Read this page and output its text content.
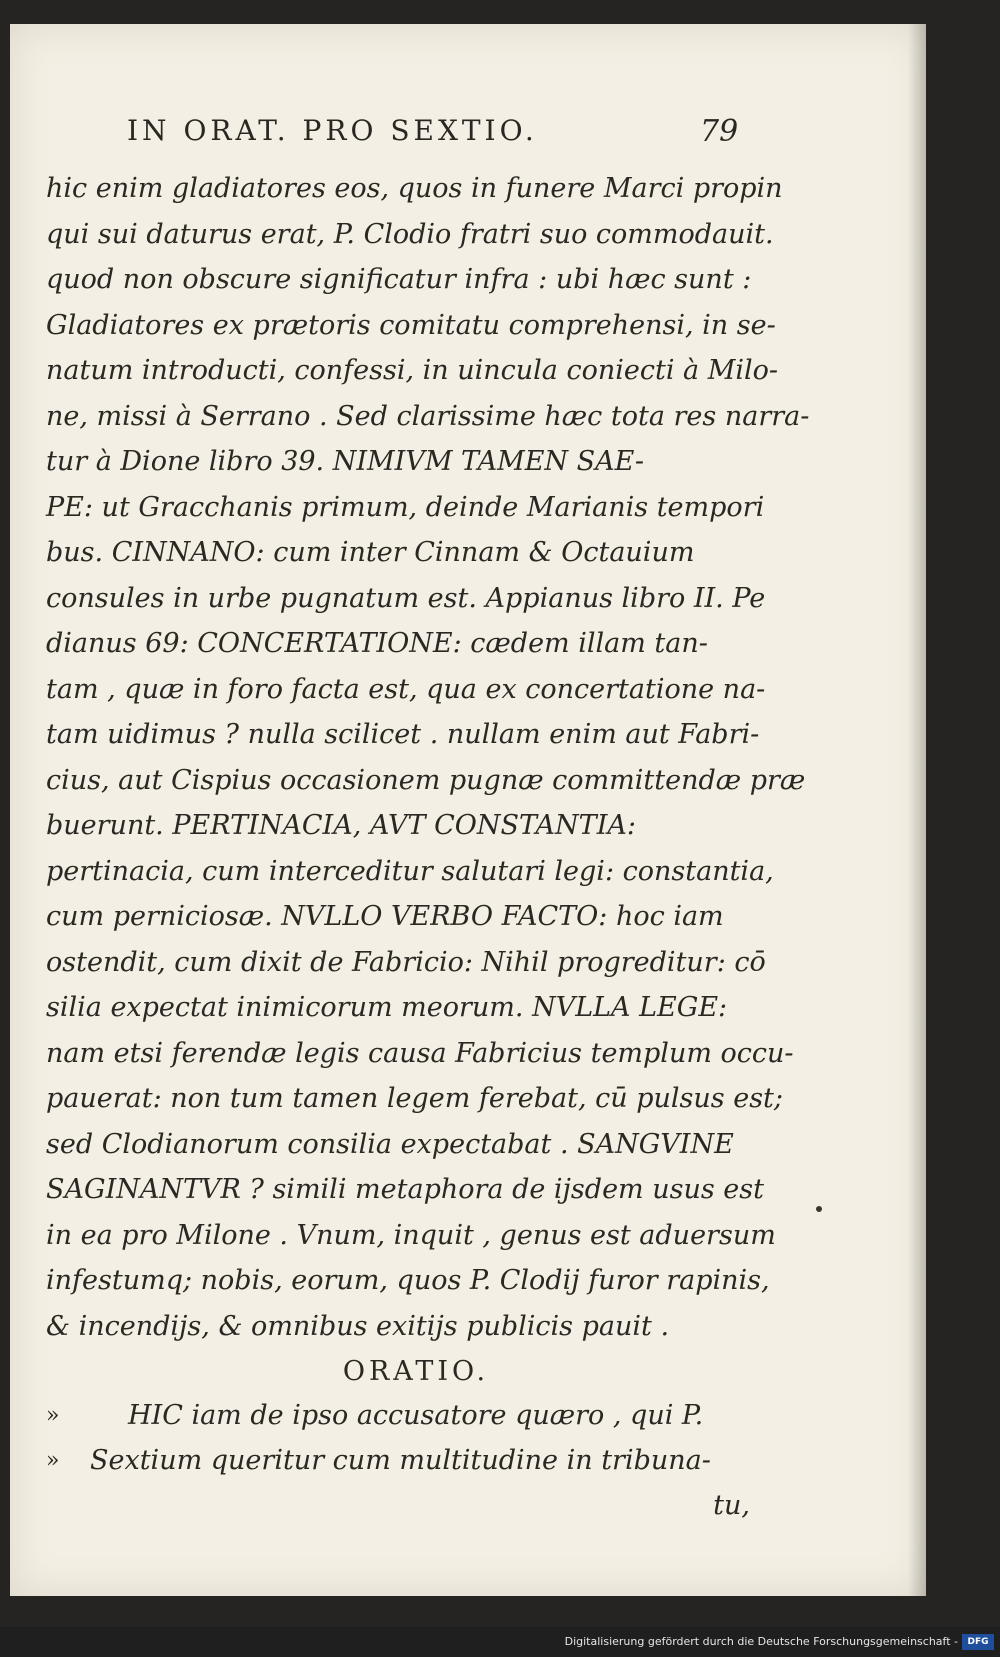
IN ORAT. PRO SEXTIO.	79
hic enim gladiatores eos, quos in funere Marci propin
qui sui daturus erat, P. Clodio fratri suo commodauit.
quod non obscure significatur infra : ubi hæc sunt :
Gladiatores ex prætoris comitatu comprehensi, in se-
natum introducti, confessi, in uincula coniecti à Milo-
ne, missi à Serrano . Sed clarissime hæc tota res narra-
tur à Dione libro 39. NIMIVM TAMEN SAE-
PE: ut Gracchanis primum, deinde Marianis tempori
bus. CINNANO: cum inter Cinnam & Octauium
consules in urbe pugnatum est. Appianus libro II. Pe
dianus 69: CONCERTATIONE: cædem illam tan-
tam , quæ in foro facta est, qua ex concertatione na-
tam uidimus ? nulla scilicet . nullam enim aut Fabri-
cius, aut Cispius occasionem pugnæ committendæ præ
buerunt. PERTINACIA, AVT CONSTANTIA:
pertinacia, cum interceditur salutari legi: constantia,
cum perniciosæ. NVLLO VERBO FACTO: hoc iam
ostendit, cum dixit de Fabricio: Nihil progreditur: cō
silia expectat inimicorum meorum. NVLLA LEGE:
nam etsi ferendæ legis causa Fabricius templum occu-
pauerat: non tum tamen legem ferebat, cū pulsus est;
sed Clodianorum consilia expectabat . SANGVINE
SAGINANTVR ? simili metaphora de ijsdem usus est
in ea pro Milone . Vnum, inquit , genus est aduersum
infestumq; nobis, eorum, quos P. Clodij furor rapinis,
& incendijs, & omnibus exitijs publicis pauit .
ORATIO.
»	HIC iam de ipso accusatore quæro , qui P.
» Sextium queritur cum multitudine in tribuna-
tu,
Digitalisierung gefördert durch die Deutsche Forschungsgemeinschaft -	DFG
